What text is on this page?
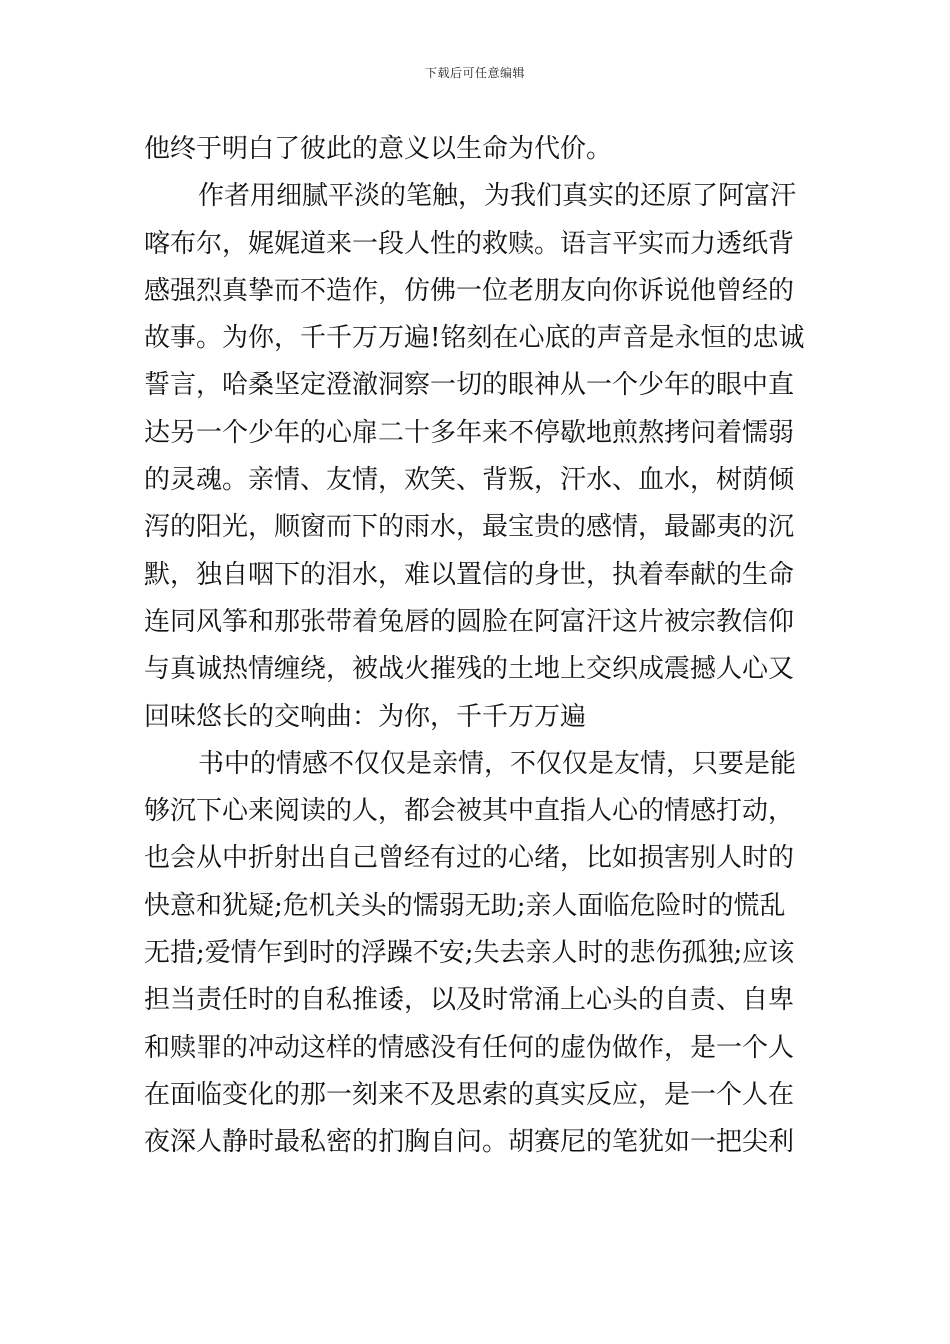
下载后可任意编辑
他终于明白了彼此的意义以生命为代价。
作者用细腻平淡的笔触，为我们真实的还原了阿富汗
喀布尔，娓娓道来一段人性的救赎。语言平实而力透纸背
感强烈真挚而不造作，仿佛一位老朋友向你诉说他曾经的
故事。为你，千千万万遍!铭刻在心底的声音是永恒的忠诚
誓言，哈桑坚定澄澈洞察一切的眼神从一个少年的眼中直
达另一个少年的心扉二十多年来不停歇地煎熬拷问着懦弱
的灵魂。亲情、友情，欢笑、背叛，汗水、血水，树荫倾
泻的阳光，顺窗而下的雨水，最宝贵的感情，最鄙夷的沉
默，独自咽下的泪水，难以置信的身世，执着奉献的生命
连同风筝和那张带着兔唇的圆脸在阿富汗这片被宗教信仰
与真诚热情缠绕，被战火摧残的土地上交织成震撼人心又
回味悠长的交响曲：为你，千千万万遍
书中的情感不仅仅是亲情，不仅仅是友情，只要是能
够沉下心来阅读的人，都会被其中直指人心的情感打动，
也会从中折射出自己曾经有过的心绪，比如损害别人时的
快意和犹疑;危机关头的懦弱无助;亲人面临危险时的慌乱
无措;爱情乍到时的浮躁不安;失去亲人时的悲伤孤独;应该
担当责任时的自私推诿，以及时常涌上心头的自责、自卑
和赎罪的冲动这样的情感没有任何的虚伪做作，是一个人
在面临变化的那一刻来不及思索的真实反应，是一个人在
夜深人静时最私密的扪胸自问。胡赛尼的笔犹如一把尖利
